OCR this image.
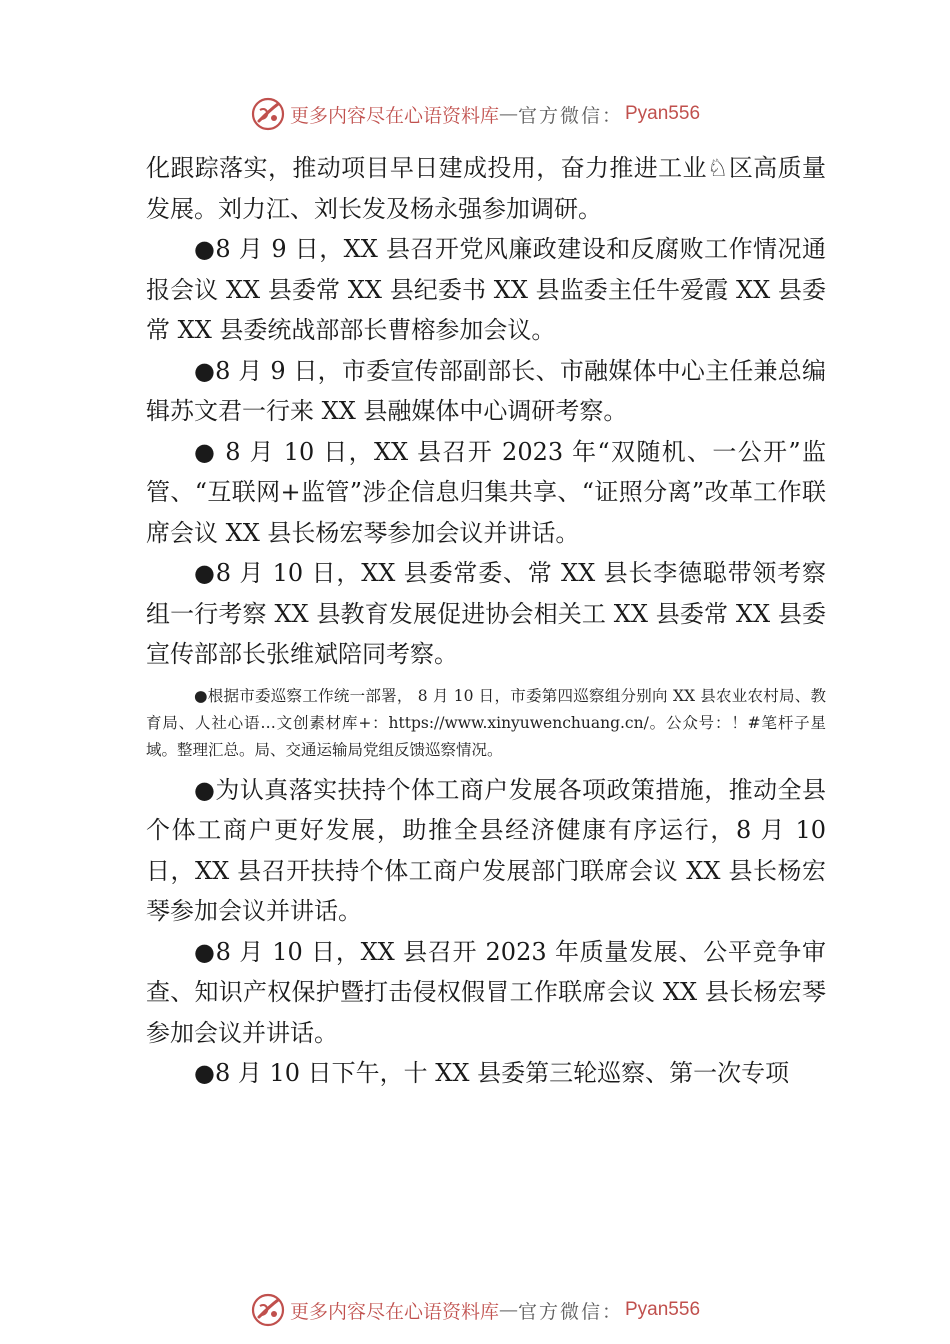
更多内容尽在心语资料库 — 官方微信： Pyan556

化跟踪落实，推动项目早日建成投用，奋力推进工业♘区高质量发展。刘力江、刘长发及杨永强参加调研。

●8 月 9 日，XX 县召开党风廉政建设和反腐败工作情况通报会议 XX 县委常 XX 县纪委书 XX 县监委主任牛爱霞 XX 县委常 XX 县委统战部部长曹榕参加会议。

●8 月 9 日，市委宣传部副部长、市融媒体中心主任兼总编辑苏文君一行来 XX 县融媒体中心调研考察。

● 8 月 10 日，XX 县召开 2023 年“双随机、一公开”监管、“互联网+监管”涉企信息归集共享、“证照分离”改革工作联席会议 XX 县长杨宏琴参加会议并讲话。

●8 月 10 日，XX 县委常委、常 XX 县长李德聪带领考察组一行考察 XX 县教育发展促进协会相关工 XX 县委常 XX 县委宣传部部长张维斌陪同考察。

●根据市委巡察工作统一部署， 8 月 10 日，市委第四巡察组分别向 XX 县农业农村局、教育局、人社心语…文创素材库+：https://www.xinyuwenchuang.cn/。公众号：！#笔杆子星域。整理汇总。局、交通运输局党组反馈巡察情况。

●为认真落实扶持个体工商户发展各项政策措施，推动全县个体工商户更好发展，助推全县经济健康有序运行，8 月 10 日，XX 县召开扶持个体工商户发展部门联席会议 XX 县长杨宏琴参加会议并讲话。

●8 月 10 日，XX 县召开 2023 年质量发展、公平竞争审查、知识产权保护暨打击侵权假冒工作联席会议 XX 县长杨宏琴参加会议并讲话。

●8 月 10 日下午，十 XX 县委第三轮巡察、第一次专项

更多内容尽在心语资料库 — 官方微信： Pyan556
